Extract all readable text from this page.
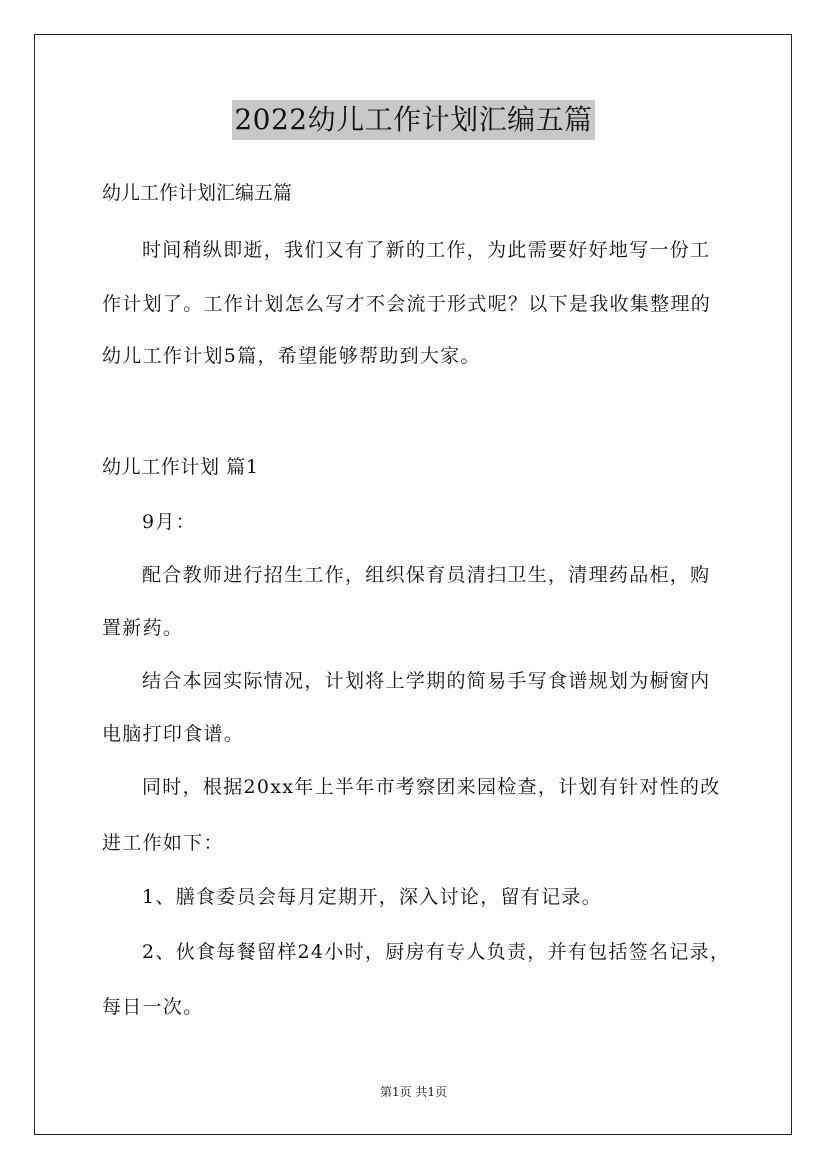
2022幼儿工作计划汇编五篇
幼儿工作计划汇编五篇
时间稍纵即逝，我们又有了新的工作，为此需要好好地写一份工
作计划了。工作计划怎么写才不会流于形式呢？以下是我收集整理的
幼儿工作计划5篇，希望能够帮助到大家。
幼儿工作计划 篇1
9月：
配合教师进行招生工作，组织保育员清扫卫生，清理药品柜，购
置新药。
结合本园实际情况，计划将上学期的简易手写食谱规划为橱窗内
电脑打印食谱。
同时，根据20xx年上半年市考察团来园检查，计划有针对性的改
进工作如下：
1、膳食委员会每月定期开，深入讨论，留有记录。
2、伙食每餐留样24小时，厨房有专人负责，并有包括签名记录，
每日一次。
第1页 共1页
